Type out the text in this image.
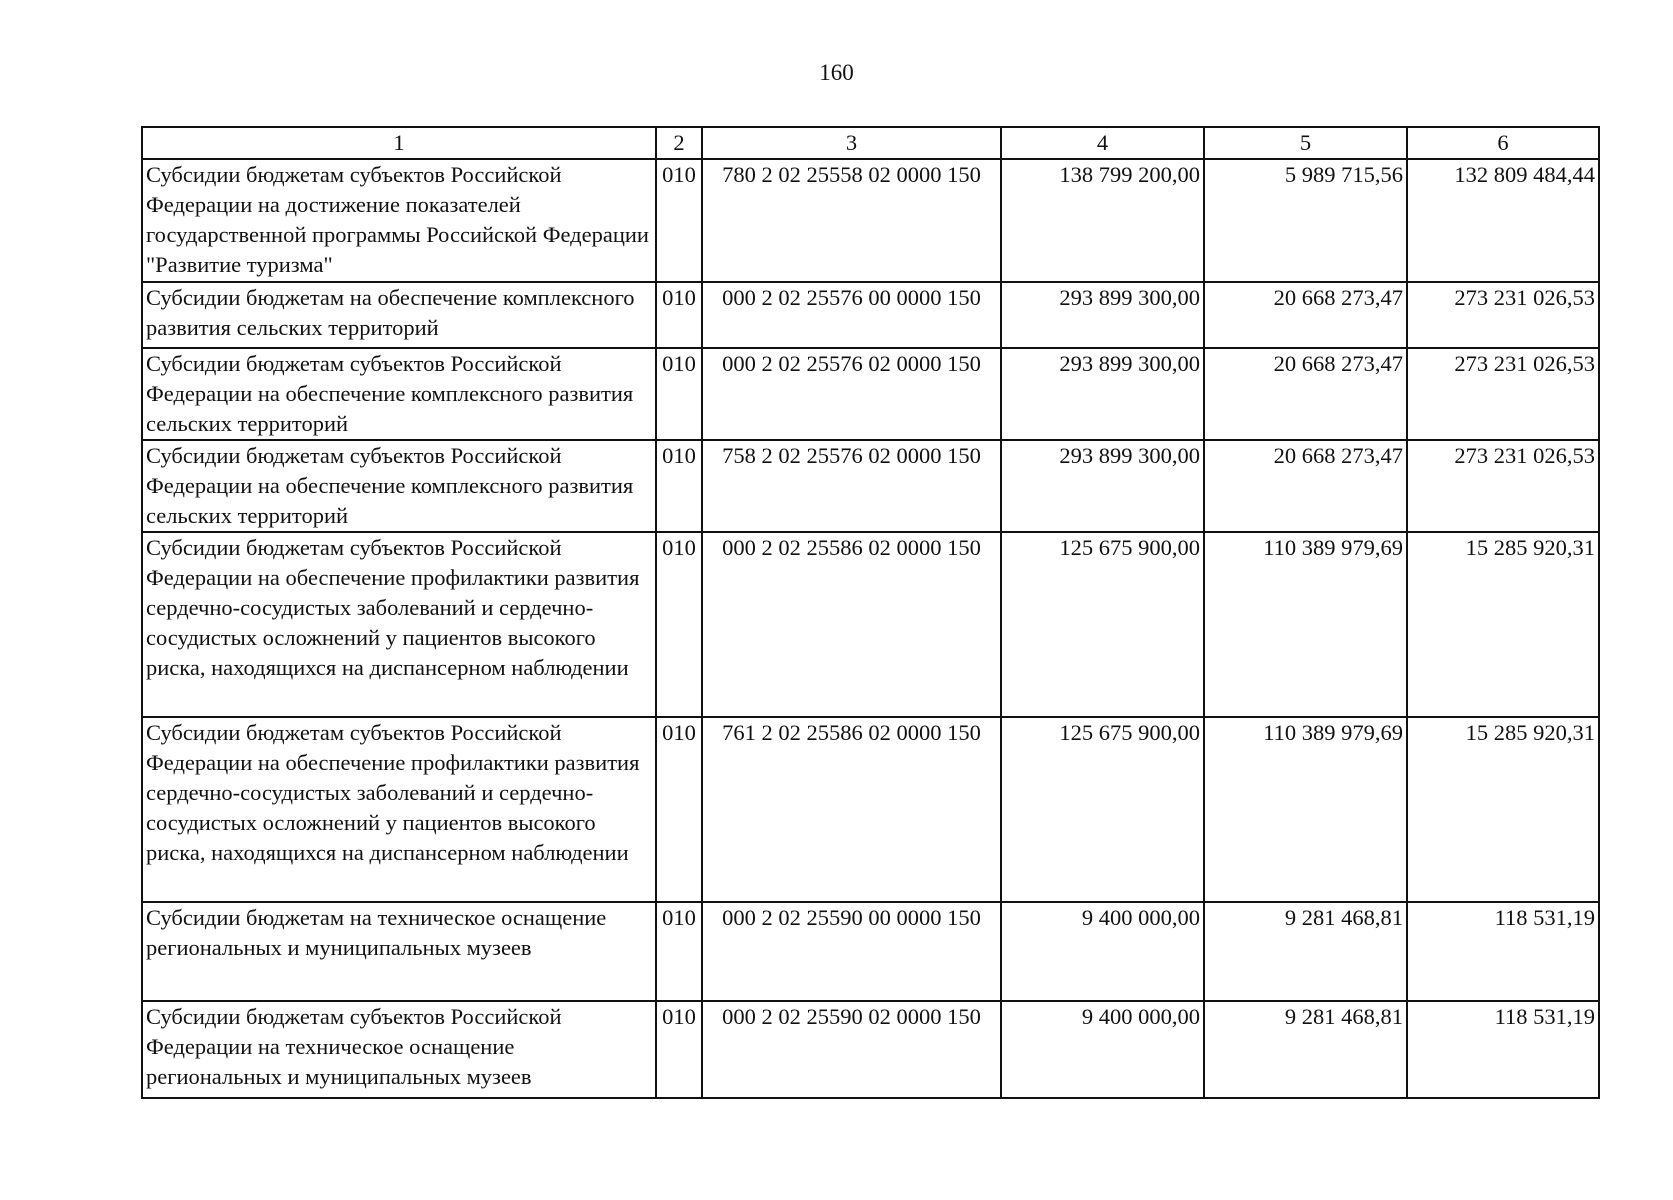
160
1	2	3	4	5	6
Субсидии бюджетам субъектов Российской Федерации на достижение показателей государственной программы Российской Федерации "Развитие туризма"	010	780 2 02 25558 02 0000 150	138 799 200,00	5 989 715,56	132 809 484,44
Субсидии бюджетам на обеспечение комплексного развития сельских территорий	010	000 2 02 25576 00 0000 150	293 899 300,00	20 668 273,47	273 231 026,53
Субсидии бюджетам субъектов Российской Федерации на обеспечение комплексного развития сельских территорий	010	000 2 02 25576 02 0000 150	293 899 300,00	20 668 273,47	273 231 026,53
Субсидии бюджетам субъектов Российской Федерации на обеспечение комплексного развития сельских территорий	010	758 2 02 25576 02 0000 150	293 899 300,00	20 668 273,47	273 231 026,53
Субсидии бюджетам субъектов Российской Федерации на обеспечение профилактики развития сердечно-сосудистых заболеваний и сердечно-сосудистых осложнений у пациентов высокого риска, находящихся на диспансерном наблюдении	010	000 2 02 25586 02 0000 150	125 675 900,00	110 389 979,69	15 285 920,31
Субсидии бюджетам субъектов Российской Федерации на обеспечение профилактики развития сердечно-сосудистых заболеваний и сердечно-сосудистых осложнений у пациентов высокого риска, находящихся на диспансерном наблюдении	010	761 2 02 25586 02 0000 150	125 675 900,00	110 389 979,69	15 285 920,31
Субсидии бюджетам на техническое оснащение региональных и муниципальных музеев	010	000 2 02 25590 00 0000 150	9 400 000,00	9 281 468,81	118 531,19
Субсидии бюджетам субъектов Российской Федерации на техническое оснащение региональных и муниципальных музеев	010	000 2 02 25590 02 0000 150	9 400 000,00	9 281 468,81	118 531,19
